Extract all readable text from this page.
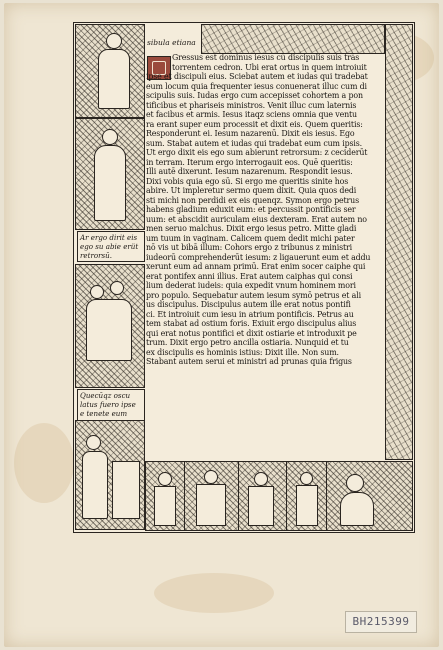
sibula etiana
Ar ergo dirit eis ego su abie erüt retrorsū.
Quecūqz oscu latus fuero ipse e tenete eum
Gressus est dominus iesus cū discipulis suis trās
torrentem cedron. Ubi erat ortus in quem introiuit
ipse et discipuli eius. Sciebat autem et iudas qui tradebat
eum locum quia frequenter iesus conuenerat illuc cum di
scipulis suis. Iudas ergo cum accepisset cohortem a pon
tificibus et phariseis ministros. Venit illuc cum laternis
et facibus et armis. Iesus itaqz sciens omnia que ventu
ra erant super eum processit et dixit eis. Quem queritis:
Responderunt ei. Iesum nazarenū. Dixit eis iesus. Ego
sum. Stabat autem et iudas qui tradebat eum cum ipsis.
Ut ergo dixit eis ego sum abierunt retrorsum: z ceciderūt
in terram. Iterum ergo interrogauit eos. Quē queritis:
Illi autē dixerunt. Iesum nazarenum. Respondit iesus.
Dixi vobis quia ego sū. Si ergo me queritis sinite hos
abire. Ut impleretur sermo quem dixit. Quia quos dedi
sti michi non perdidi ex eis quenqz. Symon ergo petrus
habens gladium eduxit eum: et percussit pontificis ser
uum: et abscidit auriculam eius dexteram. Erat autem no
men seruo malchus. Dixit ergo iesus petro. Mitte gladi
um tuum in vaginam. Calicem quem dedit michi pater
nō vis ut bibā illum: Cohors ergo z tribunus z ministri
iudeorū comprehenderūt iesum: z ligauerunt eum et addu
xerunt eum ad annam primū. Erat enim socer caiphe qui
erat pontifex anni illius. Erat autem caiphas qui consi
lium dederat iudeis: quia expedit vnum hominem mori
pro populo. Sequebatur autem iesum symō petrus et ali
us discipulus. Discipulus autem ille erat notus pontifi
ci. Et introiuit cum iesu in atrium pontificis. Petrus au
tem stabat ad ostium foris. Exiuit ergo discipulus alius
qui erat notus pontifici et dixit ostiarie et introduxit pe
trum. Dixit ergo petro ancilla ostiaria. Nunquid et tu
ex discipulis es hominis istius: Dixit ille. Non sum.
Stabant autem serui et ministri ad prunas quia frigus
BH215399
